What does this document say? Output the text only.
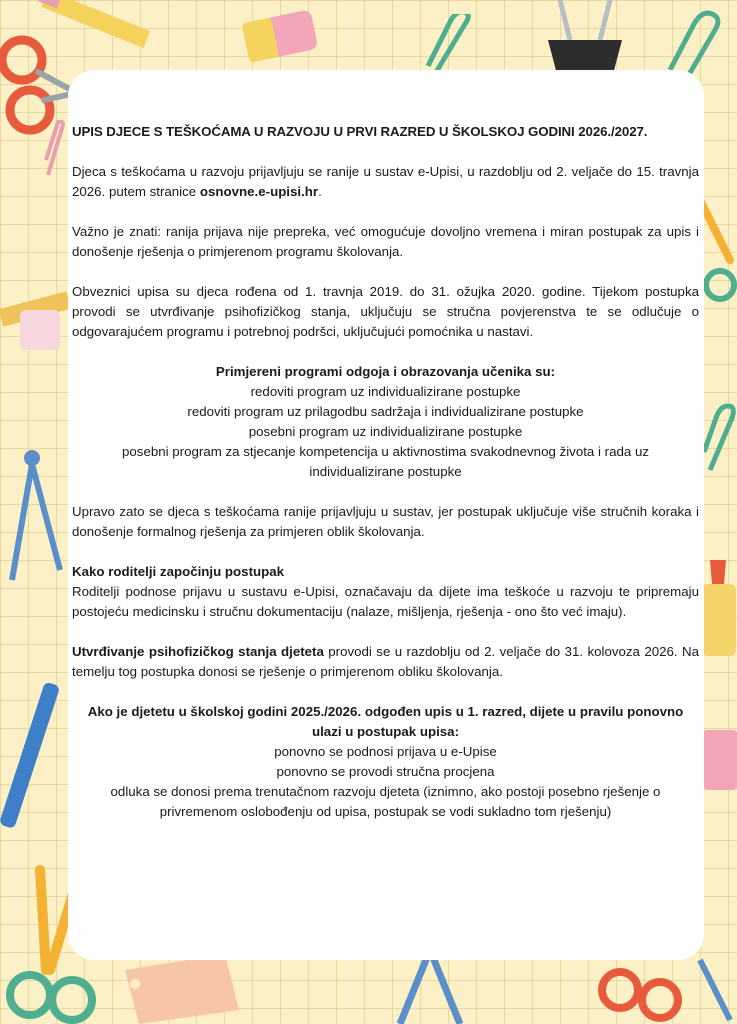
UPIS DJECE S TEŠKOĆAMA U RAZVOJU U PRVI RAZRED U ŠKOLSKOJ GODINI 2026./2027.

Djeca s teškoćama u razvoju prijavljuju se ranije u sustav e-Upisi, u razdoblju od 2. veljače do 15. travnja 2026. putem stranice osnovne.e-upisi.hr.

Važno je znati: ranija prijava nije prepreka, već omogućuje dovoljno vremena i miran postupak za upis i donošenje rješenja o primjerenom programu školovanja.

Obveznici upisa su djeca rođena od 1. travnja 2019. do 31. ožujka 2020. godine. Tijekom postupka provodi se utvrđivanje psihofizičkog stanja, uključuju se stručna povjerenstva te se odlučuje o odgovarajućem programu i potrebnoj podršci, uključujući pomoćnika u nastavi.

Primjereni programi odgoja i obrazovanja učenika su:

redoviti program uz individualizirane postupke

redoviti program uz prilagodbu sadržaja i individualizirane postupke

posebni program uz individualizirane postupke

posebni program za stjecanje kompetencija u aktivnostima svakodnevnog života i rada uz individualizirane postupke

Upravo zato se djeca s teškoćama ranije prijavljuju u sustav, jer postupak uključuje više stručnih koraka i donošenje formalnog rješenja za primjeren oblik školovanja.

Kako roditelji započinju postupak

Roditelji podnose prijavu u sustavu e-Upisi, označavaju da dijete ima teškoće u razvoju te pripremaju postojeću medicinsku i stručnu dokumentaciju (nalaze, mišljenja, rješenja - ono što već imaju).

Utvrđivanje psihofizičkog stanja djeteta provodi se u razdoblju od 2. veljače do 31. kolovoza 2026. Na temelju tog postupka donosi se rješenje o primjerenom obliku školovanja.

Ako je djetetu u školskoj godini 2025./2026. odgođen upis u 1. razred, dijete u pravilu ponovno ulazi u postupak upisa:

ponovno se podnosi prijava u e-Upise

ponovno se provodi stručna procjena

odluka se donosi prema trenutačnom razvoju djeteta (iznimno, ako postoji posebno rješenje o privremenom oslobođenju od upisa, postupak se vodi sukladno tom rješenju)
